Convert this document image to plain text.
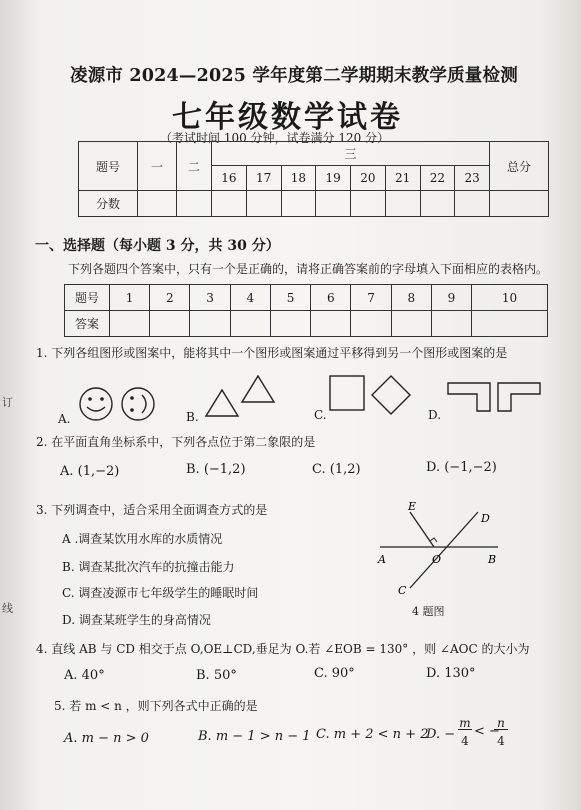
凌源市 2024—2025 学年度第二学期期末教学质量检测
七年级数学试卷
（考试时间 100 分钟，试卷满分 120 分）
题号	一	二	三								总分
			16	17	18	19	20	21	22	23	
分数											
一、选择题（每小题 3 分，共 30 分）
下列各题四个答案中，只有一个是正确的，请将正确答案前的字母填入下面相应的表格内。
题号	1	2	3	4	5	6	7	8	9	10
答案										
1. 下列各组图形或图案中，能将其中一个图形或图案通过平移得到另一个图形或图案的是
A.	B.	C.	D.
2. 在平面直角坐标系中，下列各点位于第二象限的是
A. (1,−2)	B. (−1,2)	C. (1,2)	D. (−1,−2)
3. 下列调查中，适合采用全面调查方式的是
A .调查某饮用水库的水质情况
B. 调查某批次汽车的抗撞击能力
C. 调查凌源市七年级学生的睡眠时间
D. 调查某班学生的身高情况
E
D
A	O	B
C
4 题图
4. 直线 AB 与 CD 相交于点 O,OE⊥CD,垂足为 O.若 ∠EOB = 130° ，则 ∠AOC 的大小为
A. 40°	B. 50°	C. 90°	D. 130°
5. 若 m < n ，则下列各式中正确的是
A. m − n > 0	B. m − 1 > n − 1 C. m + 2 < n + 2
D. −
m
4
< −
n
4
订
线
